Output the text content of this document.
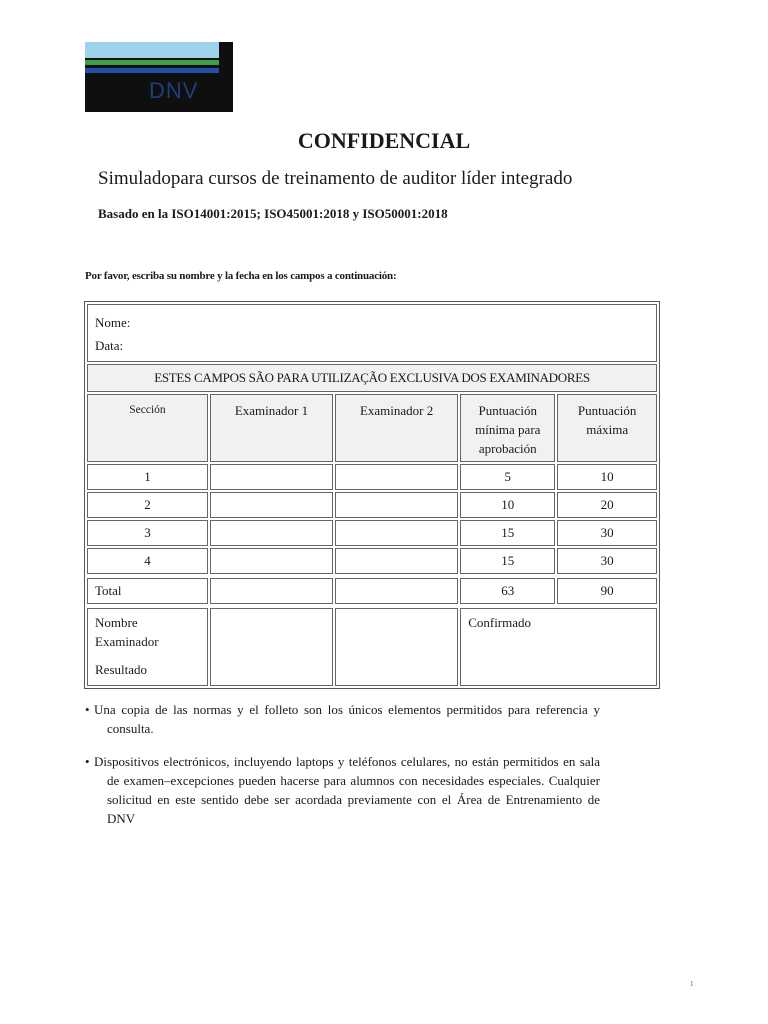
DNV
CONFIDENCIAL

Simuladopara cursos de treinamento de auditor líder integrado

Basado en la ISO14001:2015; ISO45001:2018 y ISO50001:2018

Por favor, escriba su nombre y la fecha en los campos a continuación:

Nome:
Data:				

ESTES CAMPOS SÃO PARA UTILIZAÇÃO EXCLUSIVA DOS EXAMINADORES				
Sección	Examinador 1	Examinador 2	Puntuación mínima para aprobación	Puntuación máxima
1			5	10
2			10	20
3			15	30
4			15	30

Total			63	90

Nombre
Examinador
Resultado			Confirmado	

• Una copia de las normas y el folleto son los únicos elementos permitidos para referencia y consulta.

• Dispositivos electrónicos, incluyendo laptops y teléfonos celulares, no están permitidos en sala de examen–excepciones pueden hacerse para alumnos con necesidades especiales. Cualquier solicitud en este sentido debe ser acordada previamente con el Área de Entrenamiento de DNV

1
